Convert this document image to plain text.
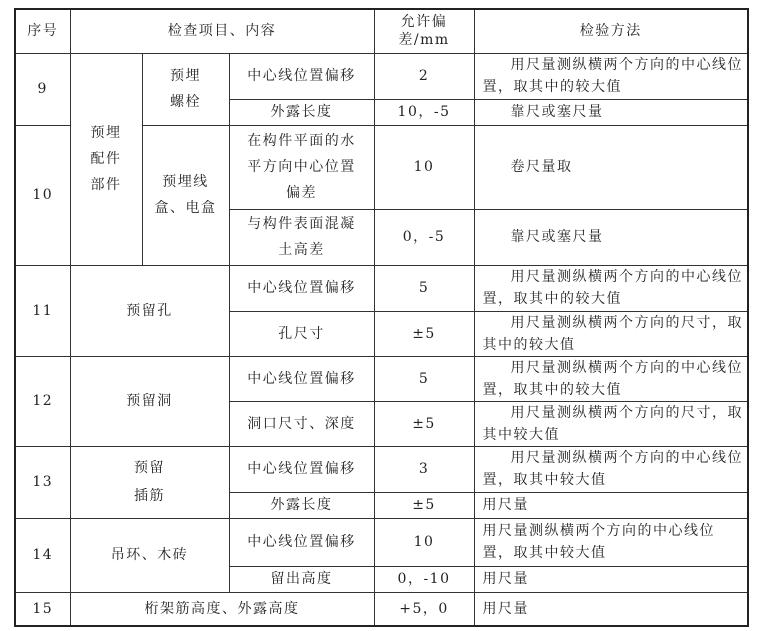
序号	检查项目、内容			允许偏差/mm	检验方法
9	预埋配件部件	预埋螺栓	中心线位置偏移	2	用尺量测纵横两个方向的中心线位置，取其中的较大值
			外露长度	10，-5	靠尺或塞尺量
10		预埋线盒、电盒	在构件平面的水平方向中心位置偏差	10	卷尺量取
			与构件表面混凝土高差	0，-5	靠尺或塞尺量
11	预留孔		中心线位置偏移	5	用尺量测纵横两个方向的中心线位置，取其中的较大值
			孔尺寸	±5	用尺量测纵横两个方向的尺寸，取其中的较大值
12	预留洞		中心线位置偏移	5	用尺量测纵横两个方向的中心线位置，取其中的较大值
			洞口尺寸、深度	±5	用尺量测纵横两个方向的尺寸，取其中较大值
13	预留插筋		中心线位置偏移	3	用尺量测纵横两个方向的中心线位置，取其中较大值
			外露长度	±5	用尺量
14	吊环、木砖		中心线位置偏移	10	用尺量测纵横两个方向的中心线位置，取其中较大值
			留出高度	0，-10	用尺量
15	桁架筋高度、外露高度			+5，0	用尺量
